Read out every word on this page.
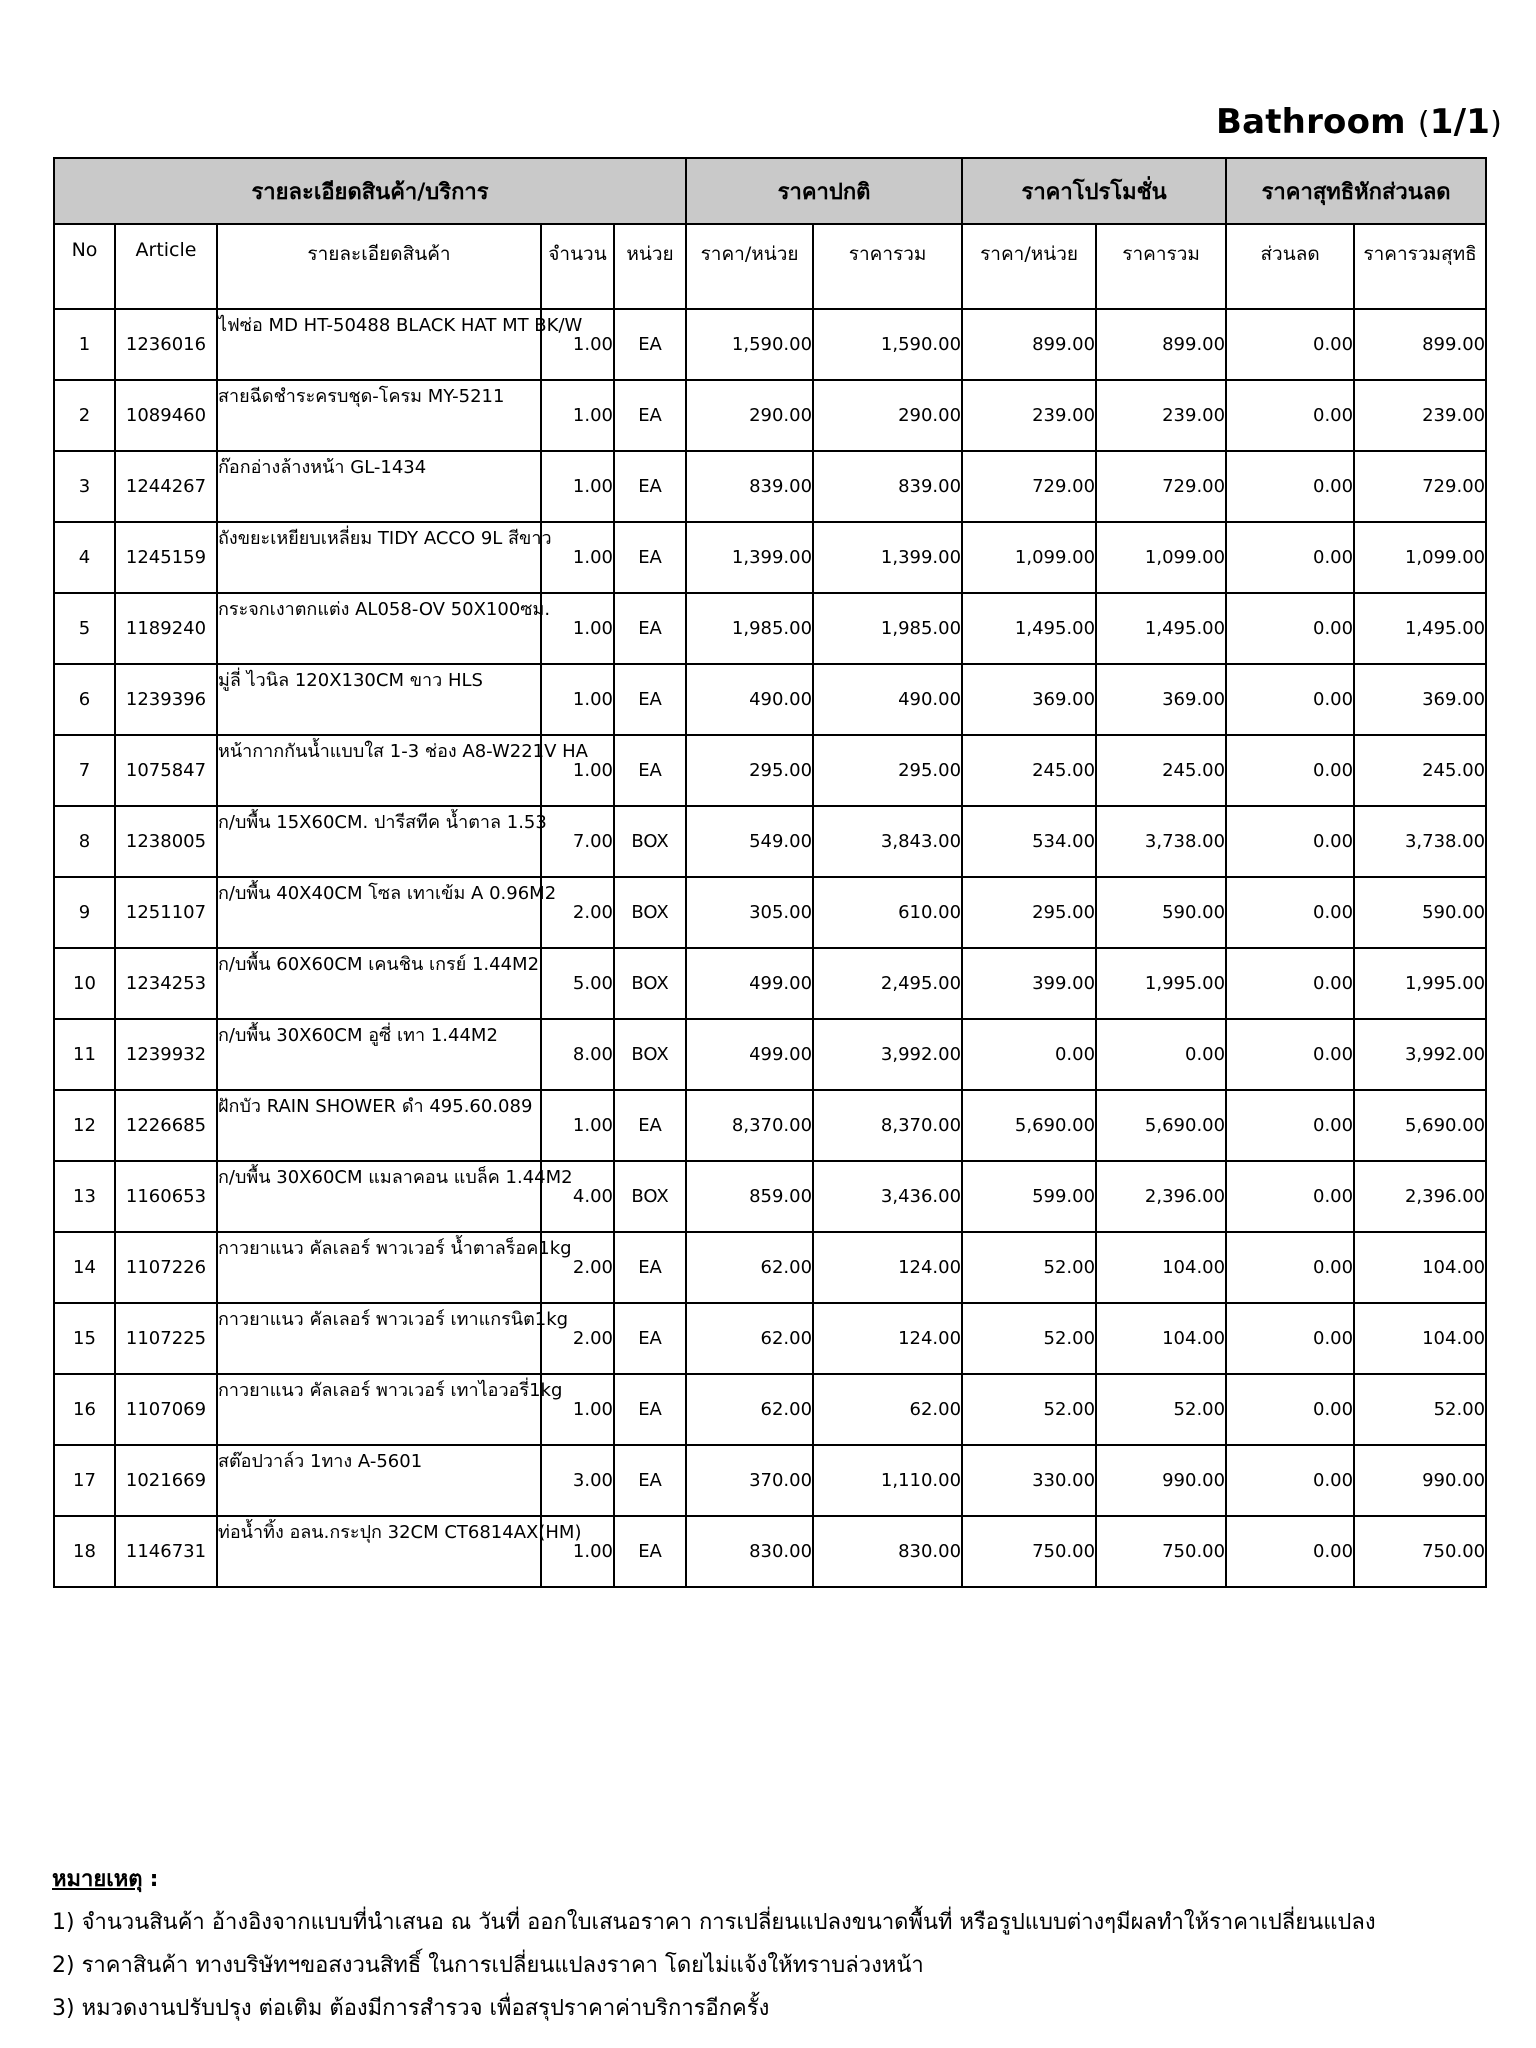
Bathroom (1/1)
รายละเอียดสินค้า/บริการ					ราคาปกติ		ราคาโปรโมชั่น		ราคาสุทธิหักส่วนลด	
No	Article	รายละเอียดสินค้า	จำนวน	หน่วย	ราคา/หน่วย	ราคารวม	ราคา/หน่วย	ราคารวม	ส่วนลด	ราคารวมสุทธิ
1	1236016	ไฟซ่อ MD HT-50488 BLACK HAT MT BK/W	1.00	EA	1,590.00	1,590.00	899.00	899.00	0.00	899.00
2	1089460	สายฉีดชำระครบชุด-โครม MY-5211	1.00	EA	290.00	290.00	239.00	239.00	0.00	239.00
3	1244267	ก๊อกอ่างล้างหน้า GL-1434	1.00	EA	839.00	839.00	729.00	729.00	0.00	729.00
4	1245159	ถังขยะเหยียบเหลี่ยม TIDY ACCO 9L สีขาว	1.00	EA	1,399.00	1,399.00	1,099.00	1,099.00	0.00	1,099.00
5	1189240	กระจกเงาตกแต่ง AL058-OV 50X100ซม.	1.00	EA	1,985.00	1,985.00	1,495.00	1,495.00	0.00	1,495.00
6	1239396	มู่ลี่ ไวนิล 120X130CM ขาว HLS	1.00	EA	490.00	490.00	369.00	369.00	0.00	369.00
7	1075847	หน้ากากกันน้ำแบบใส 1-3 ช่อง A8-W221V HA	1.00	EA	295.00	295.00	245.00	245.00	0.00	245.00
8	1238005	ก/บพื้น 15X60CM. ปารีสทีค น้ำตาล 1.53	7.00	BOX	549.00	3,843.00	534.00	3,738.00	0.00	3,738.00
9	1251107	ก/บพื้น 40X40CM โซล เทาเข้ม A 0.96M2	2.00	BOX	305.00	610.00	295.00	590.00	0.00	590.00
10	1234253	ก/บพื้น 60X60CM เคนชิน เกรย์ 1.44M2	5.00	BOX	499.00	2,495.00	399.00	1,995.00	0.00	1,995.00
11	1239932	ก/บพื้น 30X60CM อูซี่ เทา 1.44M2	8.00	BOX	499.00	3,992.00	0.00	0.00	0.00	3,992.00
12	1226685	ฝักบัว RAIN SHOWER ดำ 495.60.089	1.00	EA	8,370.00	8,370.00	5,690.00	5,690.00	0.00	5,690.00
13	1160653	ก/บพื้น 30X60CM แมลาคอน แบล็ค 1.44M2	4.00	BOX	859.00	3,436.00	599.00	2,396.00	0.00	2,396.00
14	1107226	กาวยาแนว คัลเลอร์ พาวเวอร์ น้ำตาลร็อค1kg	2.00	EA	62.00	124.00	52.00	104.00	0.00	104.00
15	1107225	กาวยาแนว คัลเลอร์ พาวเวอร์ เทาแกรนิต1kg	2.00	EA	62.00	124.00	52.00	104.00	0.00	104.00
16	1107069	กาวยาแนว คัลเลอร์ พาวเวอร์ เทาไอวอรี่1kg	1.00	EA	62.00	62.00	52.00	52.00	0.00	52.00
17	1021669	สต๊อปวาล์ว 1ทาง A-5601	3.00	EA	370.00	1,110.00	330.00	990.00	0.00	990.00
18	1146731	ท่อน้ำทิ้ง อลน.กระปุก 32CM CT6814AX(HM)	1.00	EA	830.00	830.00	750.00	750.00	0.00	750.00
หมายเหตุ :
1) จำนวนสินค้า อ้างอิงจากแบบที่นำเสนอ ณ วันที่ ออกใบเสนอราคา การเปลี่ยนแปลงขนาดพื้นที่ หรือรูปแบบต่างๆมีผลทำให้ราคาเปลี่ยนแปลง
2) ราคาสินค้า ทางบริษัทฯขอสงวนสิทธิ์ ในการเปลี่ยนแปลงราคา โดยไม่แจ้งให้ทราบล่วงหน้า
3) หมวดงานปรับปรุง ต่อเติม ต้องมีการสำรวจ เพื่อสรุปราคาค่าบริการอีกครั้ง
